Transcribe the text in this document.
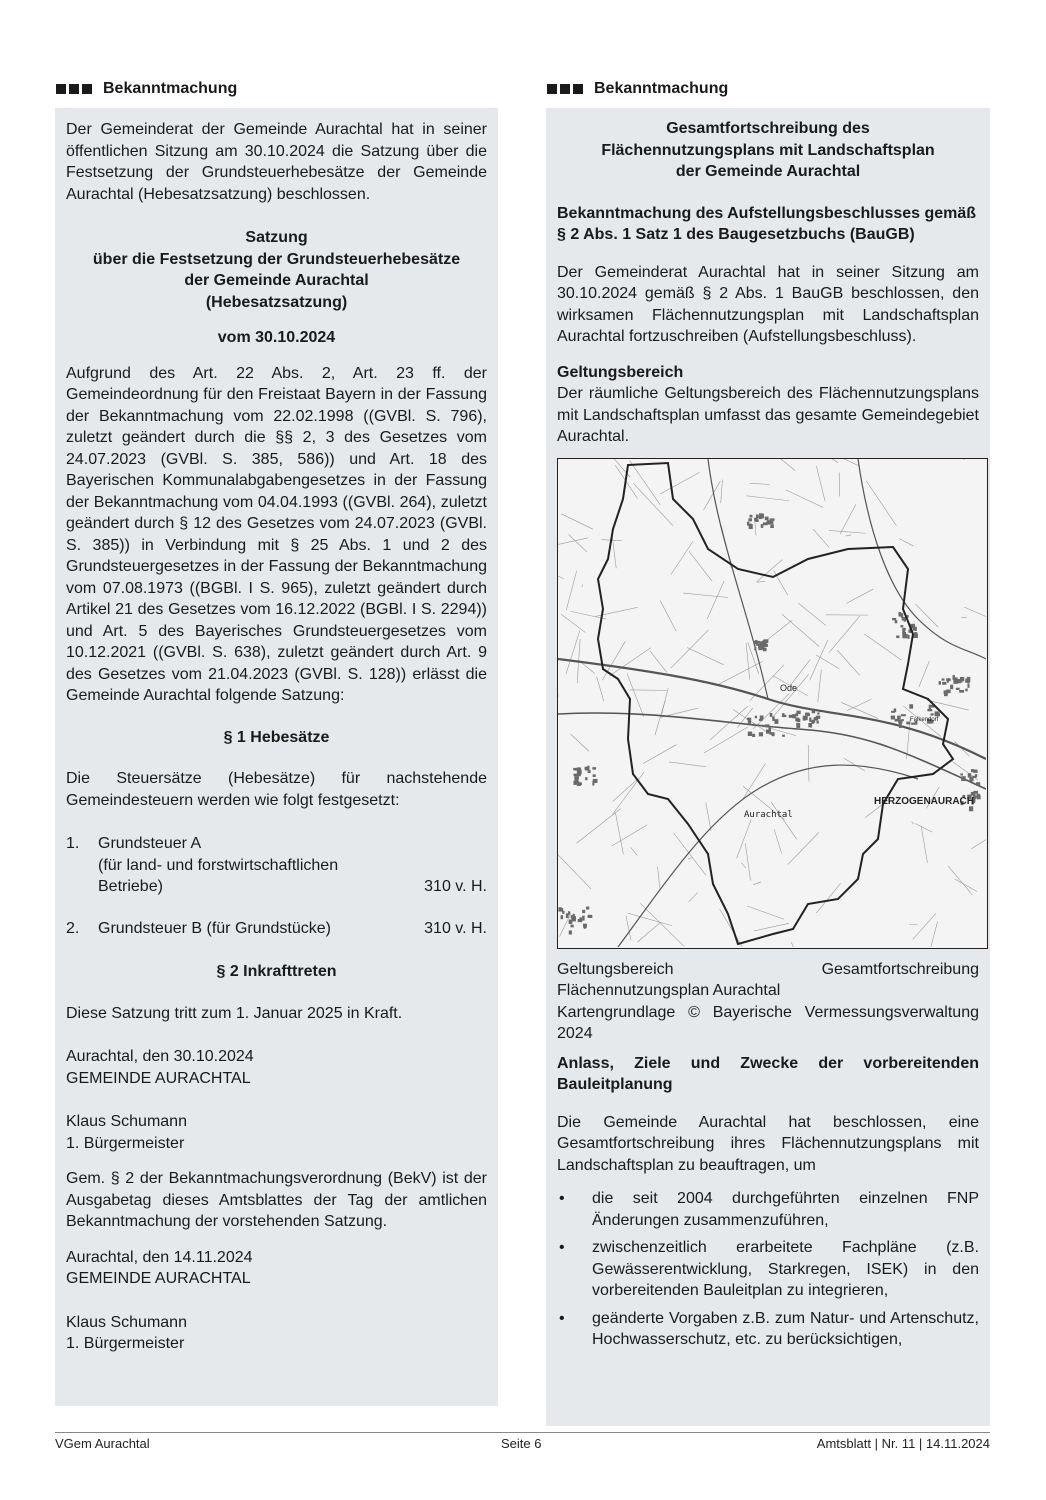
Bekanntmachung

Der Gemeinderat der Gemeinde Aurachtal hat in seiner öffentlichen Sitzung am 30.10.2024 die Satzung über die Festsetzung der Grundsteuerhebesätze der Gemeinde Aurachtal (Hebesatzsatzung) beschlossen.

Satzung

über die Festsetzung der Grundsteuerhebesätze

der Gemeinde Aurachtal

(Hebesatzsatzung)

vom 30.10.2024

Aufgrund des Art. 22 Abs. 2, Art. 23 ff. der Gemeindeordnung für den Freistaat Bayern in der Fassung der Bekanntmachung vom 22.02.1998 ((GVBl. S. 796), zuletzt geändert durch die §§ 2, 3 des Gesetzes vom 24.07.2023 (GVBl. S. 385, 586)) und Art. 18 des Bayerischen Kommunalabgabengesetzes in der Fassung der Bekanntmachung vom 04.04.1993 ((GVBl. 264), zuletzt geändert durch § 12 des Gesetzes vom 24.07.2023 (GVBl. S. 385)) in Verbindung mit § 25 Abs. 1 und 2 des Grundsteuergesetzes in der Fassung der Bekanntmachung vom 07.08.1973 ((BGBl. I S. 965), zuletzt geändert durch Artikel 21 des Gesetzes vom 16.12.2022 (BGBl. I S. 2294)) und Art. 5 des Bayerisches Grundsteuergesetzes vom 10.12.2021 ((GVBl. S. 638), zuletzt geändert durch Art. 9 des Gesetzes vom 21.04.2023 (GVBl. S. 128)) erlässt die Gemeinde Aurachtal folgende Satzung:

§ 1 Hebesätze

Die Steuersätze (Hebesätze) für nachstehende Gemeindesteuern werden wie folgt festgesetzt:

1.	Grundsteuer A
(für land- und forstwirtschaftlichen
Betriebe)	310 v. H.
2.	Grundsteuer B (für Grundstücke)	310 v. H.

§ 2 Inkrafttreten

Diese Satzung tritt zum 1. Januar 2025 in Kraft.

Aurachtal, den 30.10.2024

GEMEINDE AURACHTAL

Klaus Schumann

1. Bürgermeister

Gem. § 2 der Bekanntmachungsverordnung (BekV) ist der Ausgabetag dieses Amtsblattes der Tag der amtlichen Bekanntmachung der vorstehenden Satzung.

Aurachtal, den 14.11.2024

GEMEINDE AURACHTAL

Klaus Schumann

1. Bürgermeister

Bekanntmachung

Gesamtfortschreibung des

Flächennutzungsplans mit Landschaftsplan

der Gemeinde Aurachtal

Bekanntmachung des Aufstellungsbeschlusses gemäß § 2 Abs. 1 Satz 1 des Baugesetzbuchs (BauGB)

Der Gemeinderat Aurachtal hat in seiner Sitzung am 30.10.2024 gemäß § 2 Abs. 1 BauGB beschlossen, den wirksamen Flächennutzungsplan mit Landschaftsplan Aurachtal fortzuschreiben (Aufstellungsbeschluss).

Geltungsbereich

Der räumliche Geltungsbereich des Flächennutzungsplans mit Landschaftsplan umfasst das gesamte Gemeindegebiet Aurachtal.

Aurachtal
HERZOGENAURACH
Ode
Falkendorf

Geltungsbereich Gesamtfortschreibung Flächennutzungsplan Aurachtal

Kartengrundlage © Bayerische Vermessungsverwaltung 2024

Anlass, Ziele und Zwecke der vorbereitenden Bauleitplanung

Die Gemeinde Aurachtal hat beschlossen, eine Gesamtfortschreibung ihres Flächennutzungsplans mit Landschaftsplan zu beauftragen, um

•	die seit 2004 durchgeführten einzelnen FNP Änderungen zusammenzuführen,
•	zwischenzeitlich erarbeitete Fachpläne (z.B. Gewässerentwicklung, Starkregen, ISEK) in den vorbereitenden Bauleitplan zu integrieren,
•	geänderte Vorgaben z.B. zum Natur- und Artenschutz, Hochwasserschutz, etc. zu berücksichtigen,
VGem Aurachtal	Seite 6	Amtsblatt | Nr. 11 | 14.11.2024
